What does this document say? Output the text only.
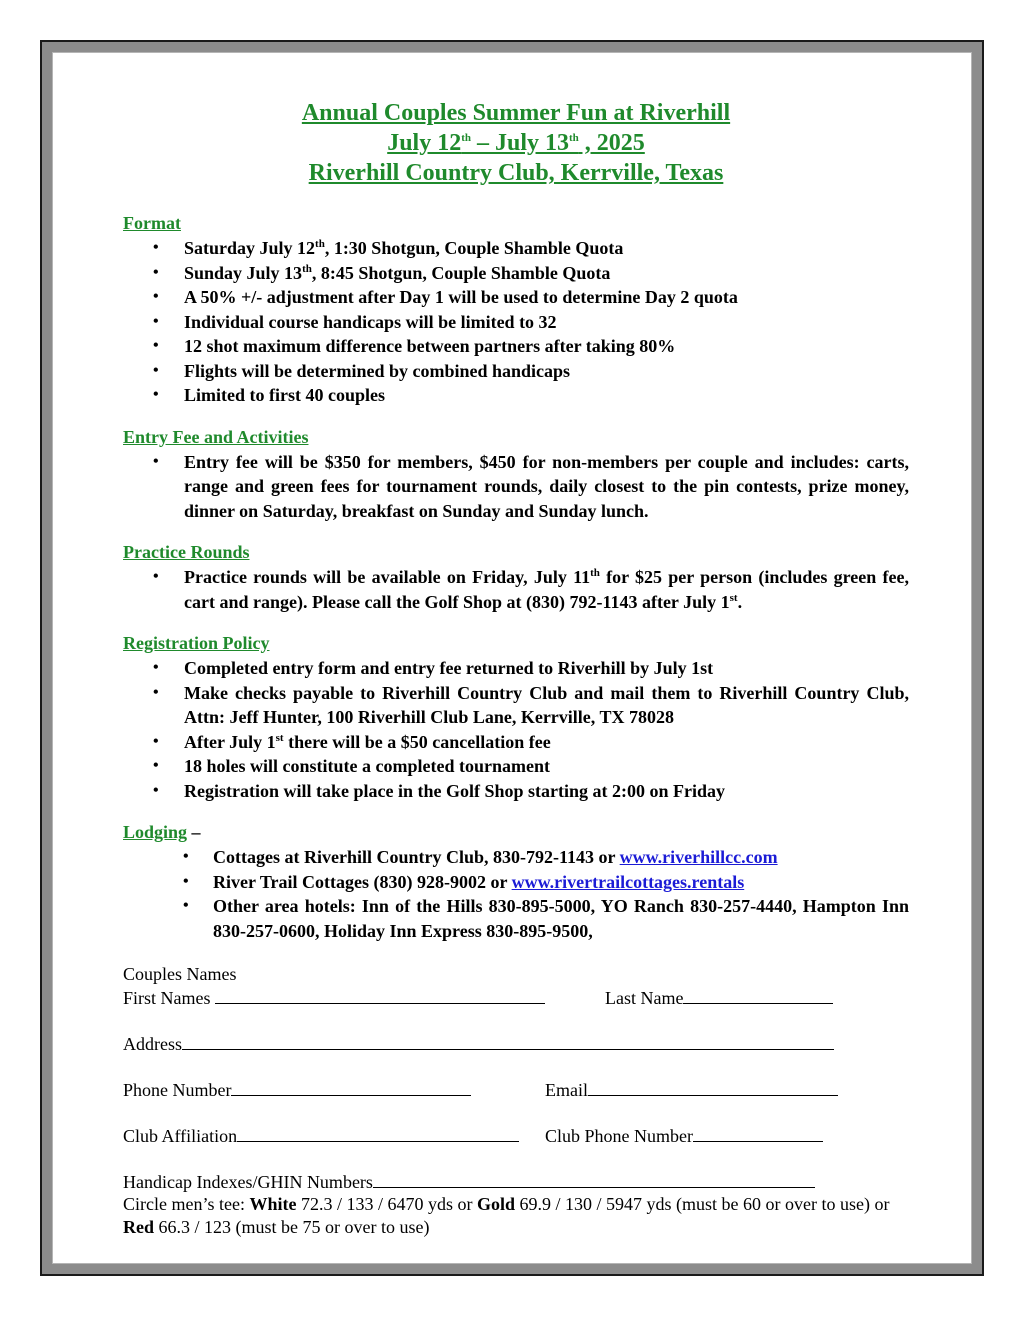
Annual Couples Summer Fun at Riverhill
July 12th – July 13th , 2025
Riverhill Country Club, Kerrville, Texas
Format
• Saturday July 12th, 1:30 Shotgun, Couple Shamble Quota
• Sunday July 13th, 8:45 Shotgun, Couple Shamble Quota
• A 50% +/- adjustment after Day 1 will be used to determine Day 2 quota
• Individual course handicaps will be limited to 32
• 12 shot maximum difference between partners after taking 80%
• Flights will be determined by combined handicaps
• Limited to first 40 couples
Entry Fee and Activities
• Entry fee will be $350 for members, $450 for non-members per couple and includes: carts, range and green fees for tournament rounds, daily closest to the pin contests, prize money, dinner on Saturday, breakfast on Sunday and Sunday lunch.
Practice Rounds
• Practice rounds will be available on Friday, July 11th for $25 per person (includes green fee, cart and range). Please call the Golf Shop at (830) 792-1143 after July 1st.
Registration Policy
• Completed entry form and entry fee returned to Riverhill by July 1st
• Make checks payable to Riverhill Country Club and mail them to Riverhill Country Club, Attn: Jeff Hunter, 100 Riverhill Club Lane, Kerrville, TX 78028
• After July 1st there will be a $50 cancellation fee
• 18 holes will constitute a completed tournament
• Registration will take place in the Golf Shop starting at 2:00 on Friday
Lodging –
• Cottages at Riverhill Country Club, 830-792-1143 or www.riverhillcc.com
• River Trail Cottages (830) 928-9002 or www.rivertrailcottages.rentals
• Other area hotels: Inn of the Hills 830-895-5000, YO Ranch 830-257-4440, Hampton Inn 830-257-0600, Holiday Inn Express 830-895-9500,
Couples Names
First Names	Last Name
Address
Phone Number	Email
Club Affiliation	Club Phone Number
Handicap Indexes/GHIN Numbers
Circle men’s tee: White 72.3 / 133 / 6470 yds or Gold 69.9 / 130 / 5947 yds (must be 60 or over to use) or Red 66.3 / 123 (must be 75 or over to use)
